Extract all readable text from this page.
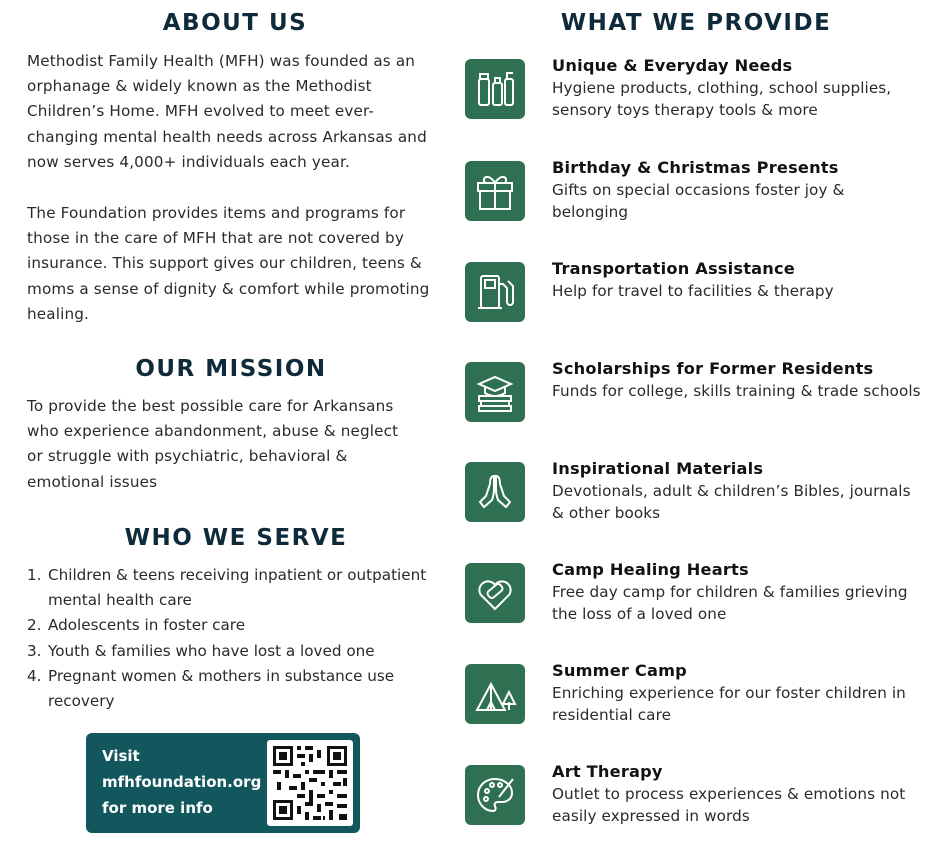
ABOUT US

Methodist Family Health (MFH) was founded as an orphanage & widely known as the Methodist Children’s Home. MFH evolved to meet ever-changing mental health needs across Arkansas and now serves 4,000+ individuals each year.

The Foundation provides items and programs for those in the care of MFH that are not covered by insurance. This support gives our children, teens & moms a sense of dignity & comfort while promoting healing.

OUR MISSION

To provide the best possible care for Arkansans who experience abandonment, abuse & neglect or struggle with psychiatric, behavioral & emotional issues

WHO WE SERVE
1. Children & teens receiving inpatient or outpatient mental health care
2. Adolescents in foster care
3. Youth & families who have lost a loved one
4. Pregnant women & mothers in substance use recovery
Visit
mfhfoundation.org
for more info
WHAT WE PROVIDE
Unique & Everyday Needs
Hygiene products, clothing, school supplies, sensory toys therapy tools & more
Birthday & Christmas Presents
Gifts on special occasions foster joy & belonging
Transportation Assistance
Help for travel to facilities & therapy
Scholarships for Former Residents
Funds for college, skills training & trade schools
Inspirational Materials
Devotionals, adult & children’s Bibles, journals & other books
Camp Healing Hearts
Free day camp for children & families grieving the loss of a loved one
Summer Camp
Enriching experience for our foster children in residential care
Art Therapy
Outlet to process experiences & emotions not easily expressed in words
